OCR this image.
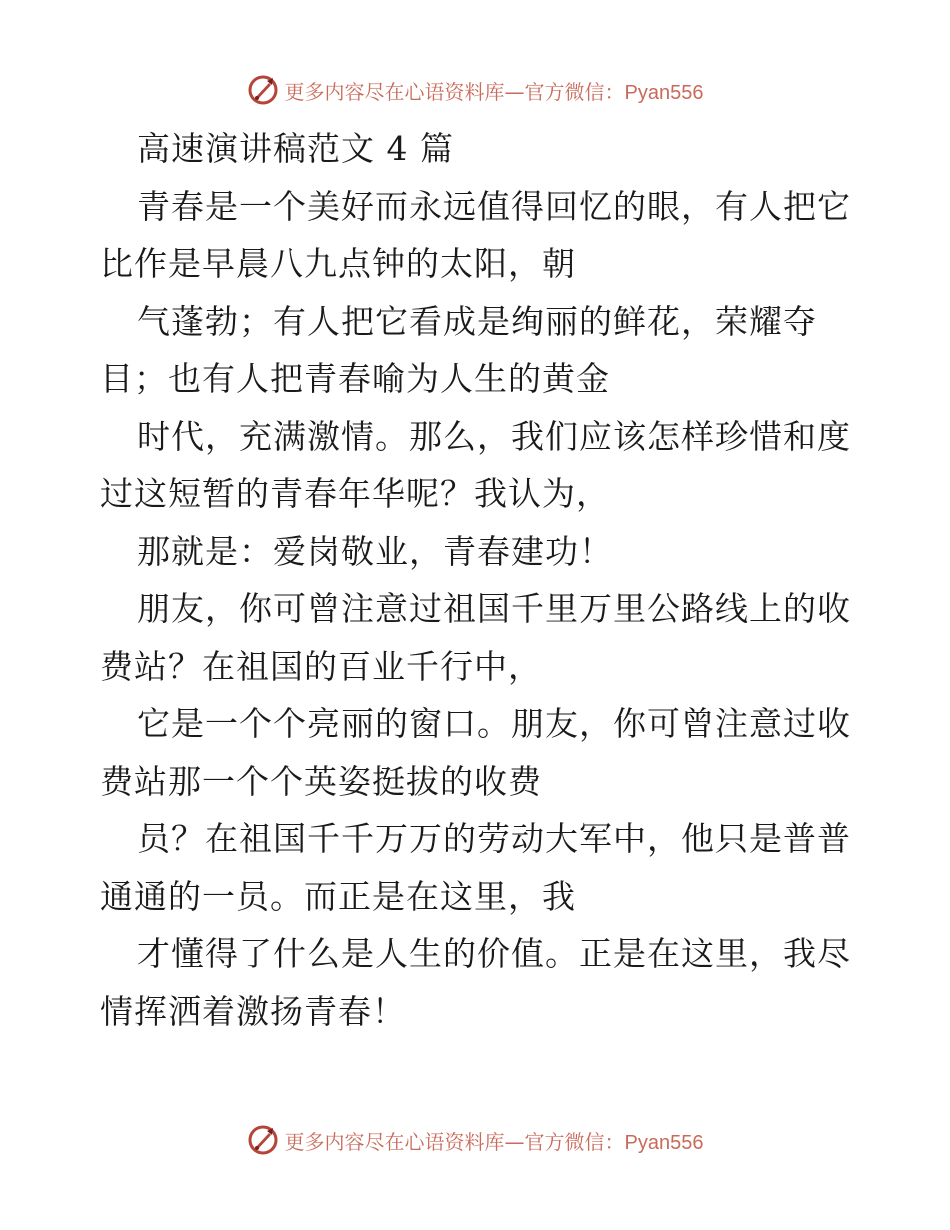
更多内容尽在心语资料库—官方微信：Pyan556
高速演讲稿范文 4 篇
青春是一个美好而永远值得回忆的眼，有人把它
比作是早晨八九点钟的太阳，朝
气蓬勃；有人把它看成是绚丽的鲜花，荣耀夺
目；也有人把青春喻为人生的黄金
时代，充满激情。那么，我们应该怎样珍惜和度
过这短暂的青春年华呢？我认为，
那就是：爱岗敬业，青春建功！
朋友，你可曾注意过祖国千里万里公路线上的收
费站？在祖国的百业千行中，
它是一个个亮丽的窗口。朋友，你可曾注意过收
费站那一个个英姿挺拔的收费
员？在祖国千千万万的劳动大军中，他只是普普
通通的一员。而正是在这里，我
才懂得了什么是人生的价值。正是在这里，我尽
情挥洒着激扬青春！
更多内容尽在心语资料库—官方微信：Pyan556
